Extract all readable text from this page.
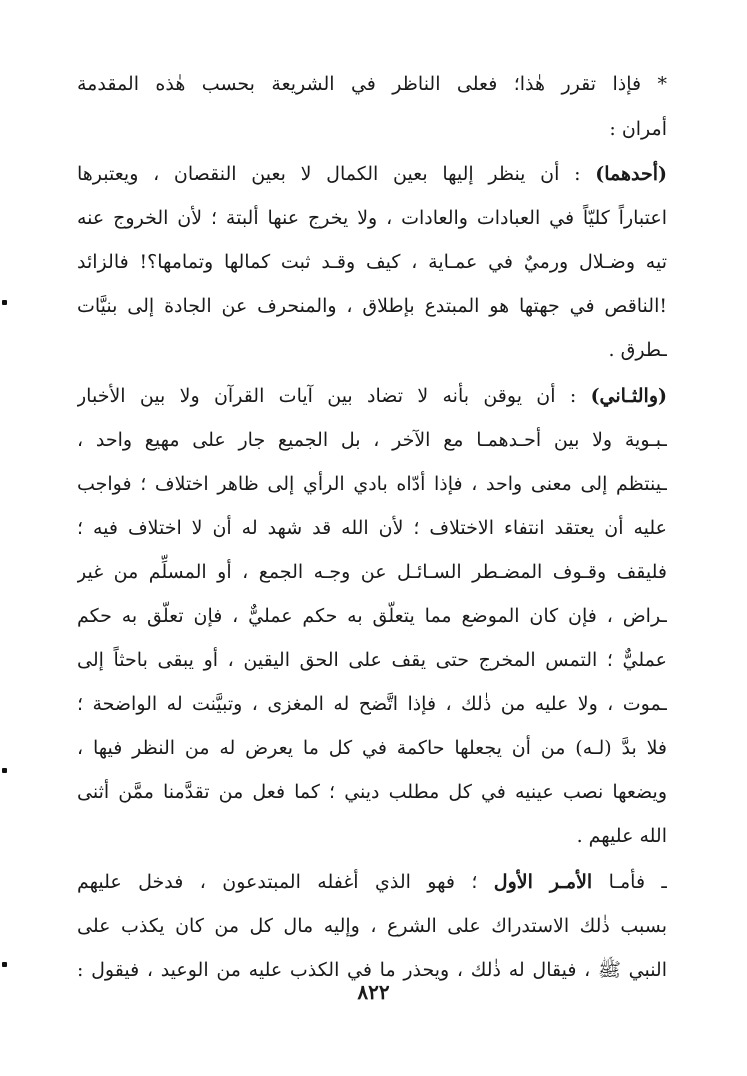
* فإذا تقرر هٰذا؛ فعلى الناظر في الشريعة بحسب هٰذه المقدمة
أمران :
(أحدهما) : أن ينظر إليها بعين الكمال لا بعين النقصان ، ويعتبرها
اعتباراً كليّاً في العبادات والعادات ، ولا يخرج عنها ألبتة ؛ لأن الخروج عنه
تيه وضـلال ورميٌ في عمـاية ، كيف وقـد ثبت كمالها وتمامها؟! فالزائد
!الناقص في جهتها هو المبتدع بإطلاق ، والمنحرف عن الجادة إلى بنيَّات
ـطرق .
(والثـاني) : أن يوقن بأنه لا تضاد بين آيات القرآن ولا بين الأخبار
ـبـوية ولا بين أحـدهمـا مع الآخر ، بل الجميع جار على مهيع واحد ،
ـينتظم إلى معنى واحد ، فإذا أدّاه بادي الرأي إلى ظاهر اختلاف ؛ فواجب
عليه أن يعتقد انتفاء الاختلاف ؛ لأن الله قد شهد له أن لا اختلاف فيه ؛
فليقف وقـوف المضـطر السـائـل عن وجـه الجمع ، أو المسلِّم من غير
ـراض ، فإن كان الموضع مما يتعلّق به حكم عمليٌّ ، فإن تعلّق به حكم
عمليٌّ ؛ التمس المخرج حتى يقف على الحق اليقين ، أو يبقى باحثاً إلى
ـموت ، ولا عليه من ذٰلك ، فإذا اتَّضح له المغزى ، وتبيَّنت له الواضحة ؛
فلا بدَّ (لـه) من أن يجعلها حاكمة في كل ما يعرض له من النظر فيها ،
ويضعها نصب عينيه في كل مطلب ديني ؛ كما فعل من تقدَّمنا ممَّن أثنى
الله عليهم .
ـ فأمـا الأمـر الأول ؛ فهو الذي أغفله المبتدعون ، فدخل عليهم
بسبب ذٰلك الاستدراك على الشرع ، وإليه مال كل من كان يكذب على
النبي ﷺ ، فيقال له ذٰلك ، ويحذر ما في الكذب عليه من الوعيد ، فيقول :
٨٢٢
